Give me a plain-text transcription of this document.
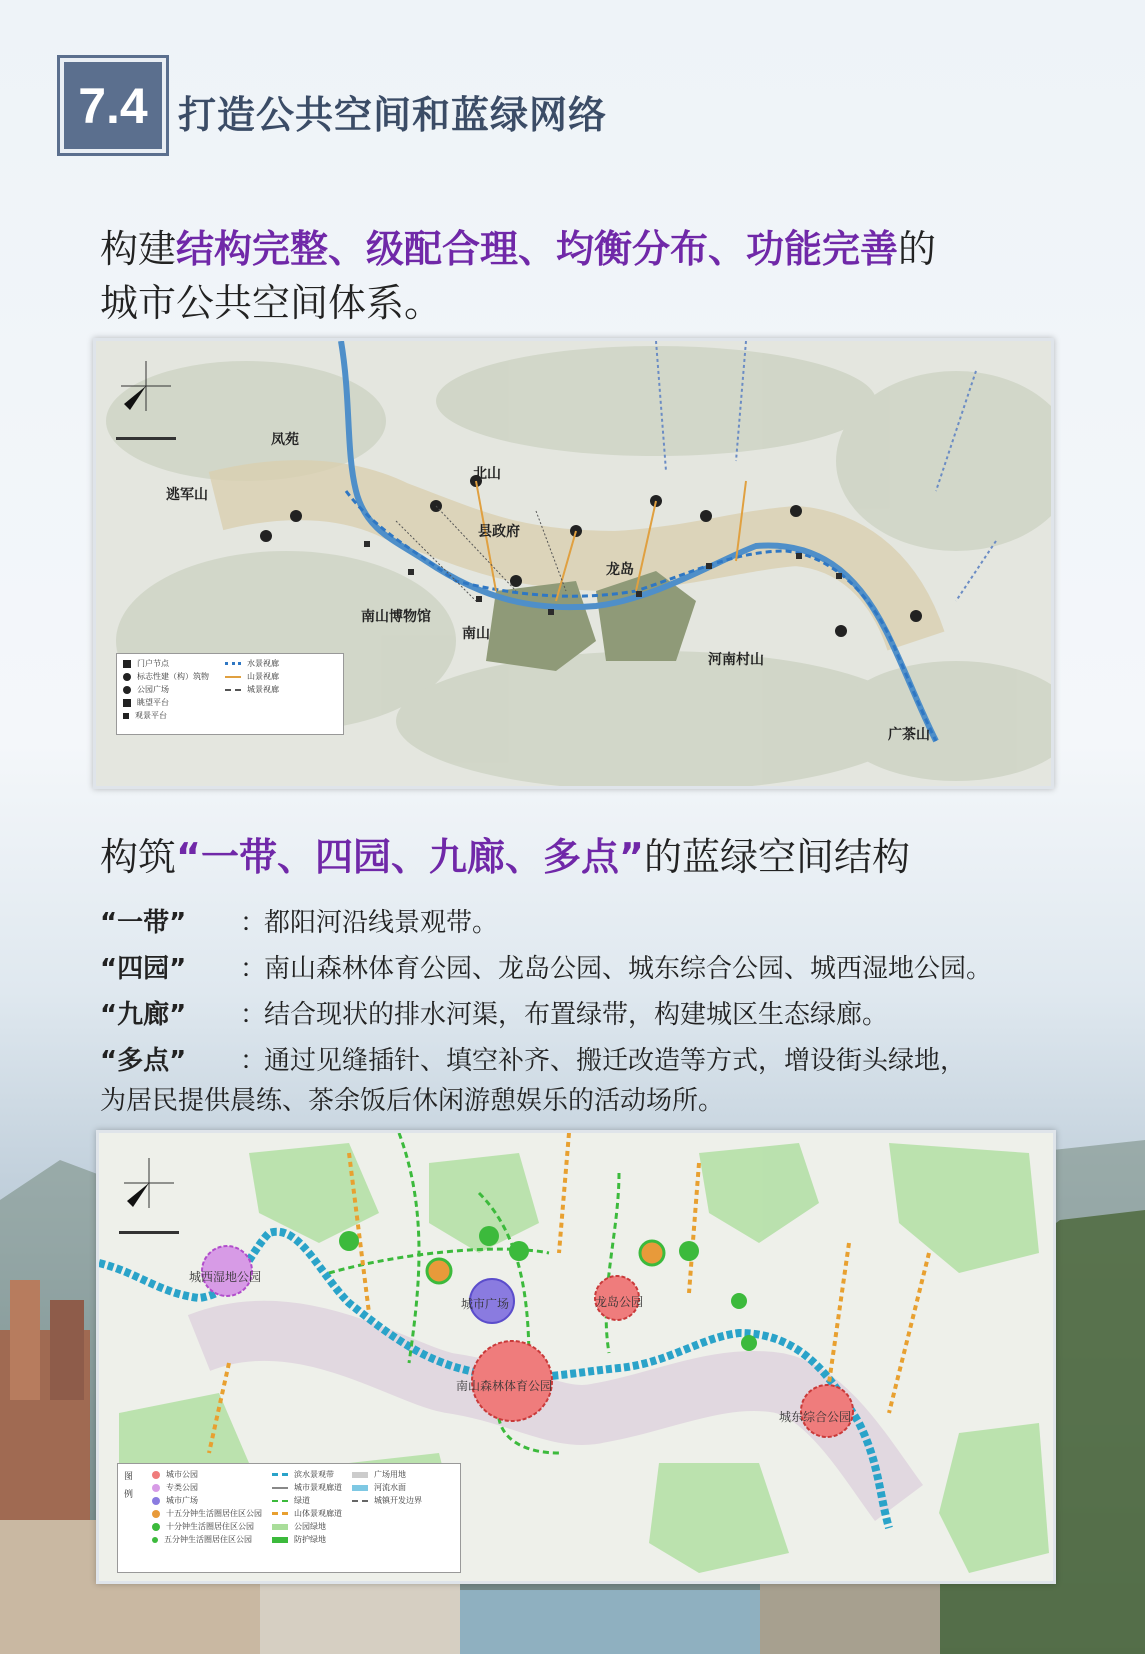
7.4 打造公共空间和蓝绿网络
构建结构完整、级配合理、均衡分布、功能完善的
城市公共空间体系。
凤苑
逃军山
北山
县政府
龙岛
南山博物馆
南山
河南村山
广茶山
门户节点
标志性建（构）筑物
公园广场
眺望平台
观景平台
水景视廊
山景视廊
城景视廊
构筑“一带、四园、九廊、多点”的蓝绿空间结构
“一带”	：
都阳河沿线景观带。
“四园”	：
南山森林体育公园、龙岛公园、城东综合公园、城西湿地公园。
“九廊”	：
结合现状的排水河渠，布置绿带，构建城区生态绿廊。
“多点”	：
通过见缝插针、填空补齐、搬迁改造等方式，增设街头绿地，
为居民提供晨练、茶余饭后休闲游憩娱乐的活动场所。
城西湿地公园
城市广场	龙岛公园
南山森林体育公园
城东综合公园
图 例
城市公园
专类公园
城市广场
十五分钟生活圈居住区公园
十分钟生活圈居住区公园
五分钟生活圈居住区公园
滨水景观带
城市景观廊道
绿道
山体景观廊道
公园绿地
防护绿地
广场用地
河流水面
城镇开发边界
